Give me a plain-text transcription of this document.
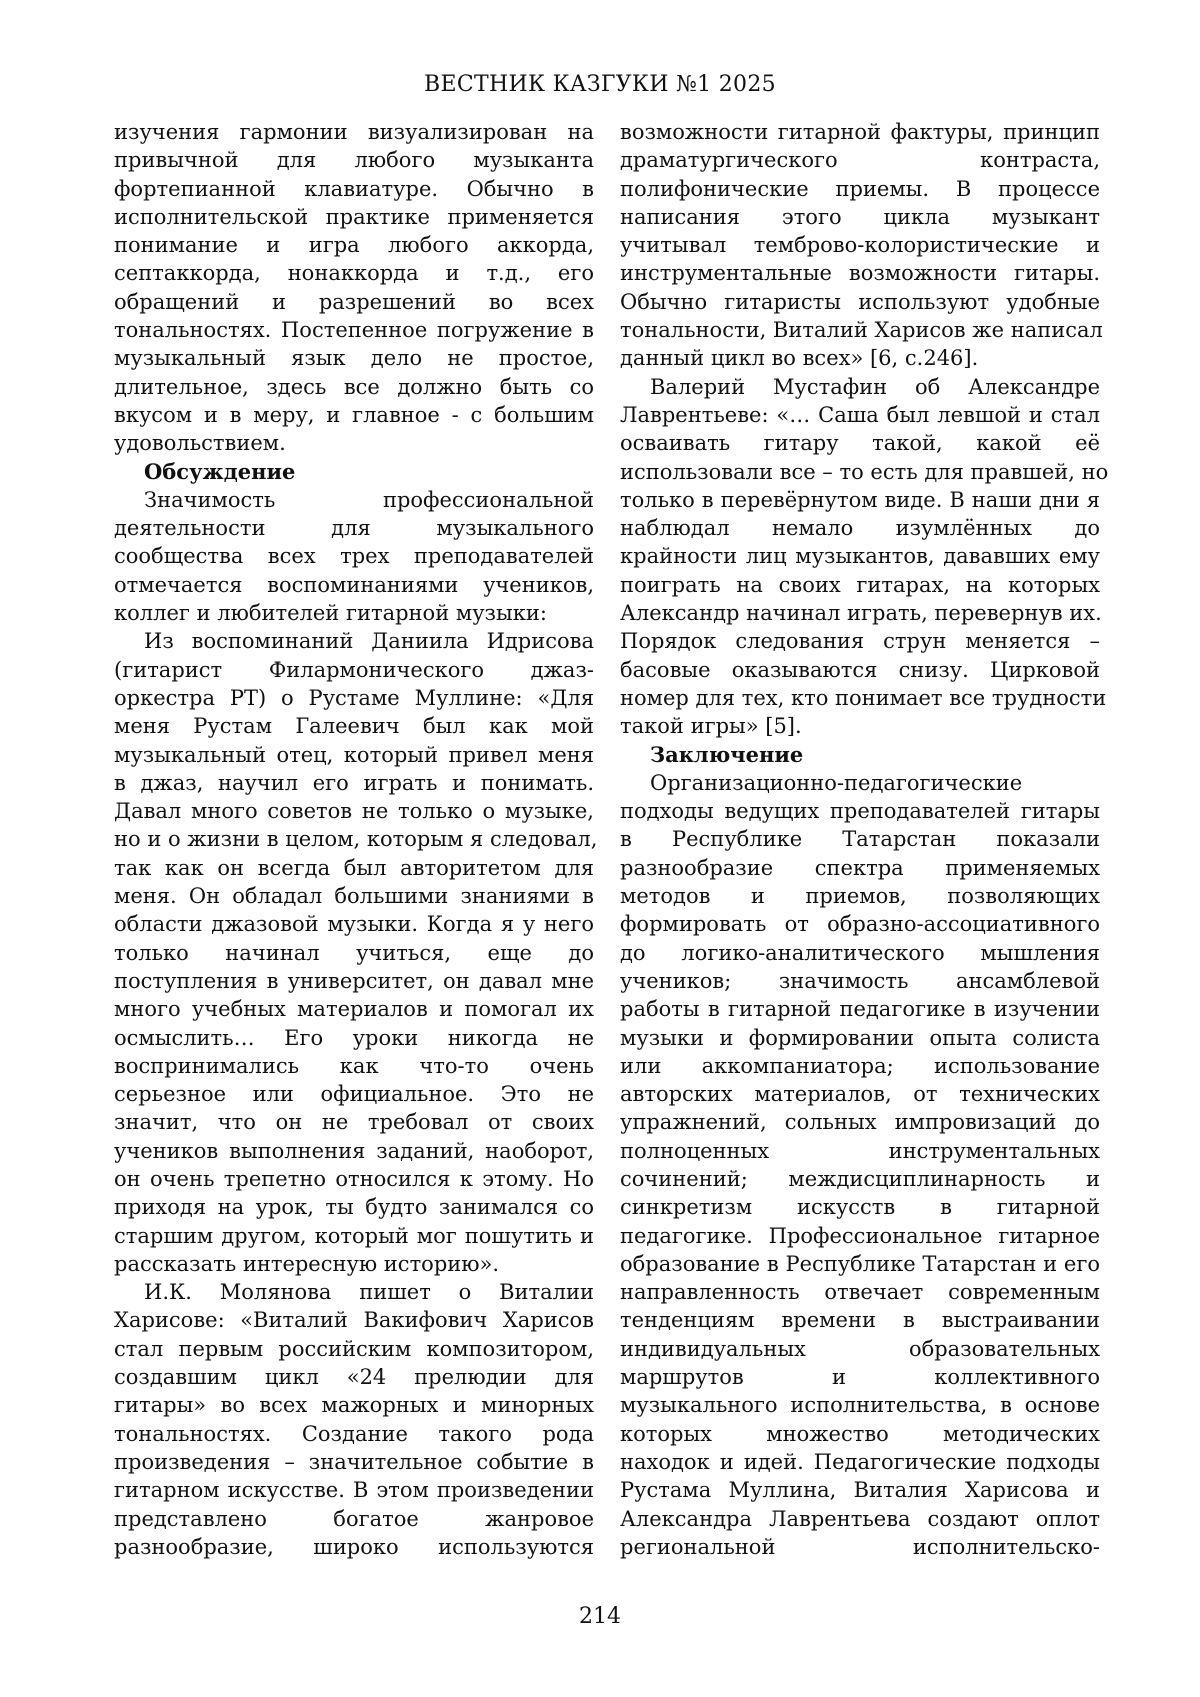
ВЕСТНИК КАЗГУКИ №1 2025
изучения гармонии визуализирован на
привычной для любого музыканта
фортепианной клавиатуре. Обычно в
исполнительской практике применяется
понимание и игра любого аккорда,
септаккорда, нонаккорда и т.д., его
обращений и разрешений во всех
тональностях. Постепенное погружение в
музыкальный язык дело не простое,
длительное, здесь все должно быть со
вкусом и в меру, и главное - с большим
удовольствием.
Обсуждение
Значимость профессиональной
деятельности для музыкального
сообщества всех трех преподавателей
отмечается воспоминаниями учеников,
коллег и любителей гитарной музыки:
Из воспоминаний Даниила Идрисова
(гитарист Филармонического джаз-
оркестра РТ) о Рустаме Муллине: «Для
меня Рустам Галеевич был как мой
музыкальный отец, который привел меня
в джаз, научил его играть и понимать.
Давал много советов не только о музыке,
но и о жизни в целом, которым я следовал,
так как он всегда был авторитетом для
меня. Он обладал большими знаниями в
области джазовой музыки. Когда я у него
только начинал учиться, еще до
поступления в университет, он давал мне
много учебных материалов и помогал их
осмыслить… Его уроки никогда не
воспринимались как что-то очень
серьезное или официальное. Это не
значит, что он не требовал от своих
учеников выполнения заданий, наоборот,
он очень трепетно относился к этому. Но
приходя на урок, ты будто занимался со
старшим другом, который мог пошутить и
рассказать интересную историю».
И.К. Молянова пишет о Виталии
Харисове: «Виталий Вакифович Харисов
стал первым российским композитором,
создавшим цикл «24 прелюдии для
гитары» во всех мажорных и минорных
тональностях. Создание такого рода
произведения – значительное событие в
гитарном искусстве. В этом произведении
представлено богатое жанровое
разнообразие, широко используются
возможности гитарной фактуры, принцип
драматургического контраста,
полифонические приемы. В процессе
написания этого цикла музыкант
учитывал темброво-колористические и
инструментальные возможности гитары.
Обычно гитаристы используют удобные
тональности, Виталий Харисов же написал
данный цикл во всех» [6, с.246].
Валерий Мустафин об Александре
Лаврентьеве: «… Саша был левшой и стал
осваивать гитару такой, какой её
использовали все – то есть для правшей, но
только в перевёрнутом виде. В наши дни я
наблюдал немало изумлённых до
крайности лиц музыкантов, дававших ему
поиграть на своих гитарах, на которых
Александр начинал играть, перевернув их.
Порядок следования струн меняется –
басовые оказываются снизу. Цирковой
номер для тех, кто понимает все трудности
такой игры» [5].
Заключение
Организационно-педагогические
подходы ведущих преподавателей гитары
в Республике Татарстан показали
разнообразие спектра применяемых
методов и приемов, позволяющих
формировать от образно-ассоциативного
до логико-аналитического мышления
учеников; значимость ансамблевой
работы в гитарной педагогике в изучении
музыки и формировании опыта солиста
или аккомпаниатора; использование
авторских материалов, от технических
упражнений, сольных импровизаций до
полноценных инструментальных
сочинений; междисциплинарность и
синкретизм искусств в гитарной
педагогике. Профессиональное гитарное
образование в Республике Татарстан и его
направленность отвечает современным
тенденциям времени в выстраивании
индивидуальных образовательных
маршрутов и коллективного
музыкального исполнительства, в основе
которых множество методических
находок и идей. Педагогические подходы
Рустама Муллина, Виталия Харисова и
Александра Лаврентьева создают оплот
региональной исполнительско-
214
